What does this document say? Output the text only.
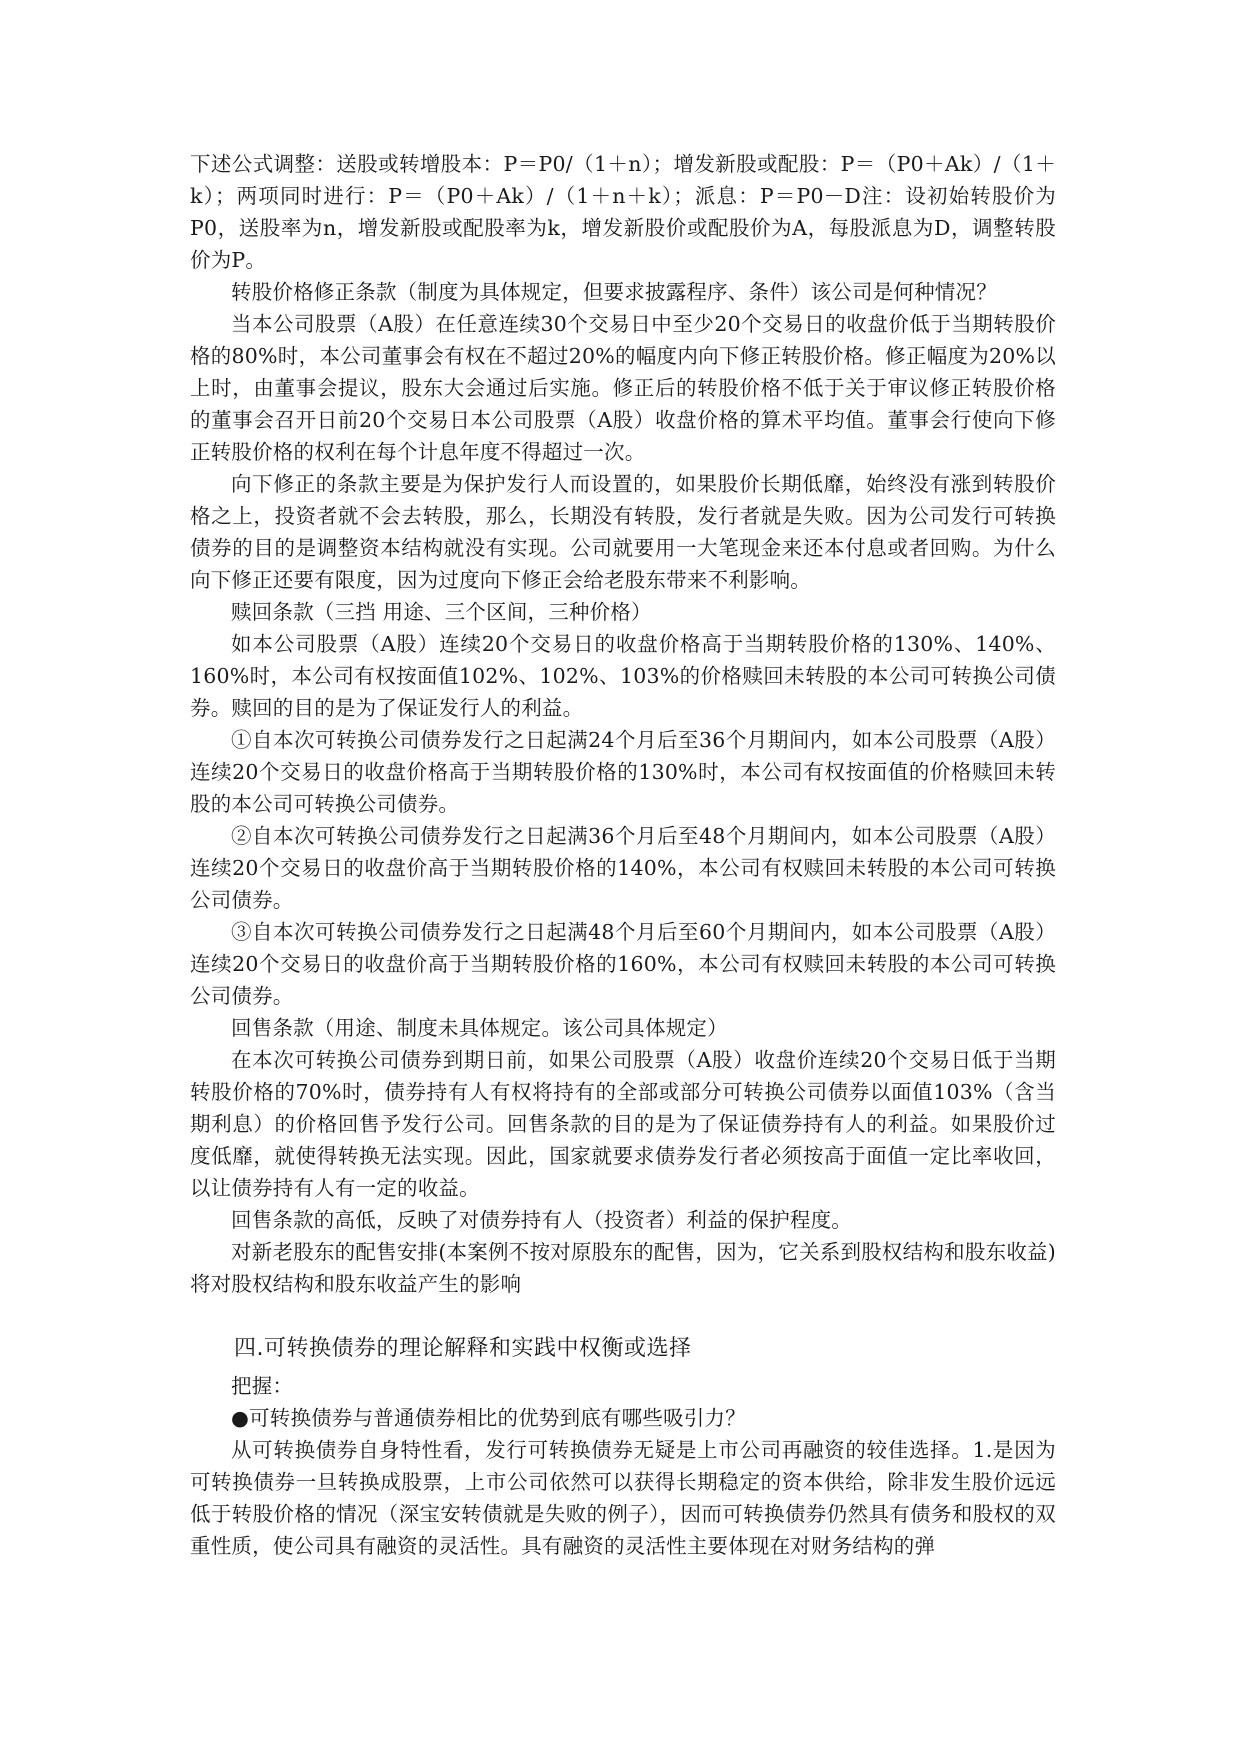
下述公式调整：送股或转增股本：P＝P0/（1＋n）；增发新股或配股：P＝（P0＋Ak）/（1＋k）；两项同时进行：P＝（P0＋Ak）/（1＋n＋k）；派息：P＝P0－D注：设初始转股价为P0，送股率为n，增发新股或配股率为k，增发新股价或配股价为A，每股派息为D，调整转股价为P。

转股价格修正条款（制度为具体规定，但要求披露程序、条件）该公司是何种情况？

当本公司股票（A股）在任意连续30个交易日中至少20个交易日的收盘价低于当期转股价格的80%时，本公司董事会有权在不超过20%的幅度内向下修正转股价格。修正幅度为20%以上时，由董事会提议，股东大会通过后实施。修正后的转股价格不低于关于审议修正转股价格的董事会召开日前20个交易日本公司股票（A股）收盘价格的算术平均值。董事会行使向下修正转股价格的权利在每个计息年度不得超过一次。

向下修正的条款主要是为保护发行人而设置的，如果股价长期低靡，始终没有涨到转股价格之上，投资者就不会去转股，那么，长期没有转股，发行者就是失败。因为公司发行可转换债券的目的是调整资本结构就没有实现。公司就要用一大笔现金来还本付息或者回购。为什么向下修正还要有限度，因为过度向下修正会给老股东带来不利影响。

赎回条款（三挡 用途、三个区间，三种价格）

如本公司股票（A股）连续20个交易日的收盘价格高于当期转股价格的130%、140%、160%时，本公司有权按面值102%、102%、103%的价格赎回未转股的本公司可转换公司债券。赎回的目的是为了保证发行人的利益。

①自本次可转换公司债券发行之日起满24个月后至36个月期间内，如本公司股票（A股）连续20个交易日的收盘价格高于当期转股价格的130%时，本公司有权按面值的价格赎回未转股的本公司可转换公司债券。

②自本次可转换公司债券发行之日起满36个月后至48个月期间内，如本公司股票（A股）连续20个交易日的收盘价高于当期转股价格的140%，本公司有权赎回未转股的本公司可转换公司债券。

③自本次可转换公司债券发行之日起满48个月后至60个月期间内，如本公司股票（A股）连续20个交易日的收盘价高于当期转股价格的160%，本公司有权赎回未转股的本公司可转换公司债券。

回售条款（用途、制度未具体规定。该公司具体规定）

在本次可转换公司债券到期日前，如果公司股票（A股）收盘价连续20个交易日低于当期转股价格的70%时，债券持有人有权将持有的全部或部分可转换公司债券以面值103%（含当期利息）的价格回售予发行公司。回售条款的目的是为了保证债券持有人的利益。如果股价过度低靡，就使得转换无法实现。因此，国家就要求债券发行者必须按高于面值一定比率收回，以让债券持有人有一定的收益。

回售条款的高低，反映了对债券持有人（投资者）利益的保护程度。

对新老股东的配售安排(本案例不按对原股东的配售，因为，它关系到股权结构和股东收益)将对股权结构和股东收益产生的影响

四.可转换债券的理论解释和实践中权衡或选择

把握：

●可转换债券与普通债券相比的优势到底有哪些吸引力？

从可转换债券自身特性看，发行可转换债券无疑是上市公司再融资的较佳选择。1.是因为可转换债券一旦转换成股票，上市公司依然可以获得长期稳定的资本供给，除非发生股价远远低于转股价格的情况（深宝安转债就是失败的例子），因而可转换债券仍然具有债务和股权的双重性质，使公司具有融资的灵活性。具有融资的灵活性主要体现在对财务结构的弹
